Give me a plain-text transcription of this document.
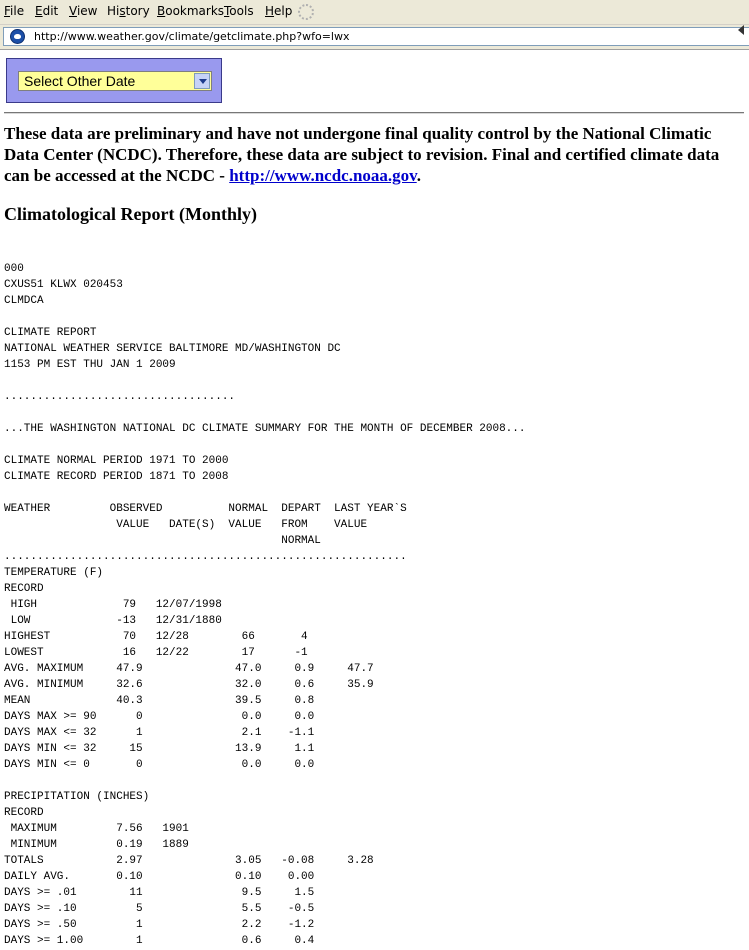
File Edit View History Bookmarks Tools Help
http://www.weather.gov/climate/getclimate.php?wfo=lwx
Select Other Date
These data are preliminary and have not undergone final quality control by the National Climatic Data Center (NCDC). Therefore, these data are subject to revision. Final and certified climate data can be accessed at the NCDC - http://www.ncdc.noaa.gov.
Climatological Report (Monthly)
000
CXUS51 KLWX 020453
CLMDCA

CLIMATE REPORT
NATIONAL WEATHER SERVICE BALTIMORE MD/WASHINGTON DC
1153 PM EST THU JAN 1 2009

...................................

...THE WASHINGTON NATIONAL DC CLIMATE SUMMARY FOR THE MONTH OF DECEMBER 2008...

CLIMATE NORMAL PERIOD 1971 TO 2000
CLIMATE RECORD PERIOD 1871 TO 2008

WEATHER         OBSERVED          NORMAL  DEPART  LAST YEAR`S
VALUE   DATE(S)  VALUE   FROM    VALUE
NORMAL
.............................................................
TEMPERATURE (F)
RECORD
HIGH             79   12/07/1998
LOW             -13   12/31/1880
HIGHEST           70   12/28        66       4
LOWEST            16   12/22        17      -1
AVG. MAXIMUM     47.9              47.0     0.9     47.7
AVG. MINIMUM     32.6              32.0     0.6     35.9
MEAN             40.3              39.5     0.8
DAYS MAX >= 90      0               0.0     0.0
DAYS MAX <= 32      1               2.1    -1.1
DAYS MIN <= 32     15              13.9     1.1
DAYS MIN <= 0       0               0.0     0.0

PRECIPITATION (INCHES)
RECORD
MAXIMUM         7.56   1901
MINIMUM         0.19   1889
TOTALS           2.97              3.05   -0.08     3.28
DAILY AVG.       0.10              0.10    0.00
DAYS >= .01        11               9.5     1.5
DAYS >= .10         5               5.5    -0.5
DAYS >= .50         1               2.2    -1.2
DAYS >= 1.00        1               0.6     0.4
